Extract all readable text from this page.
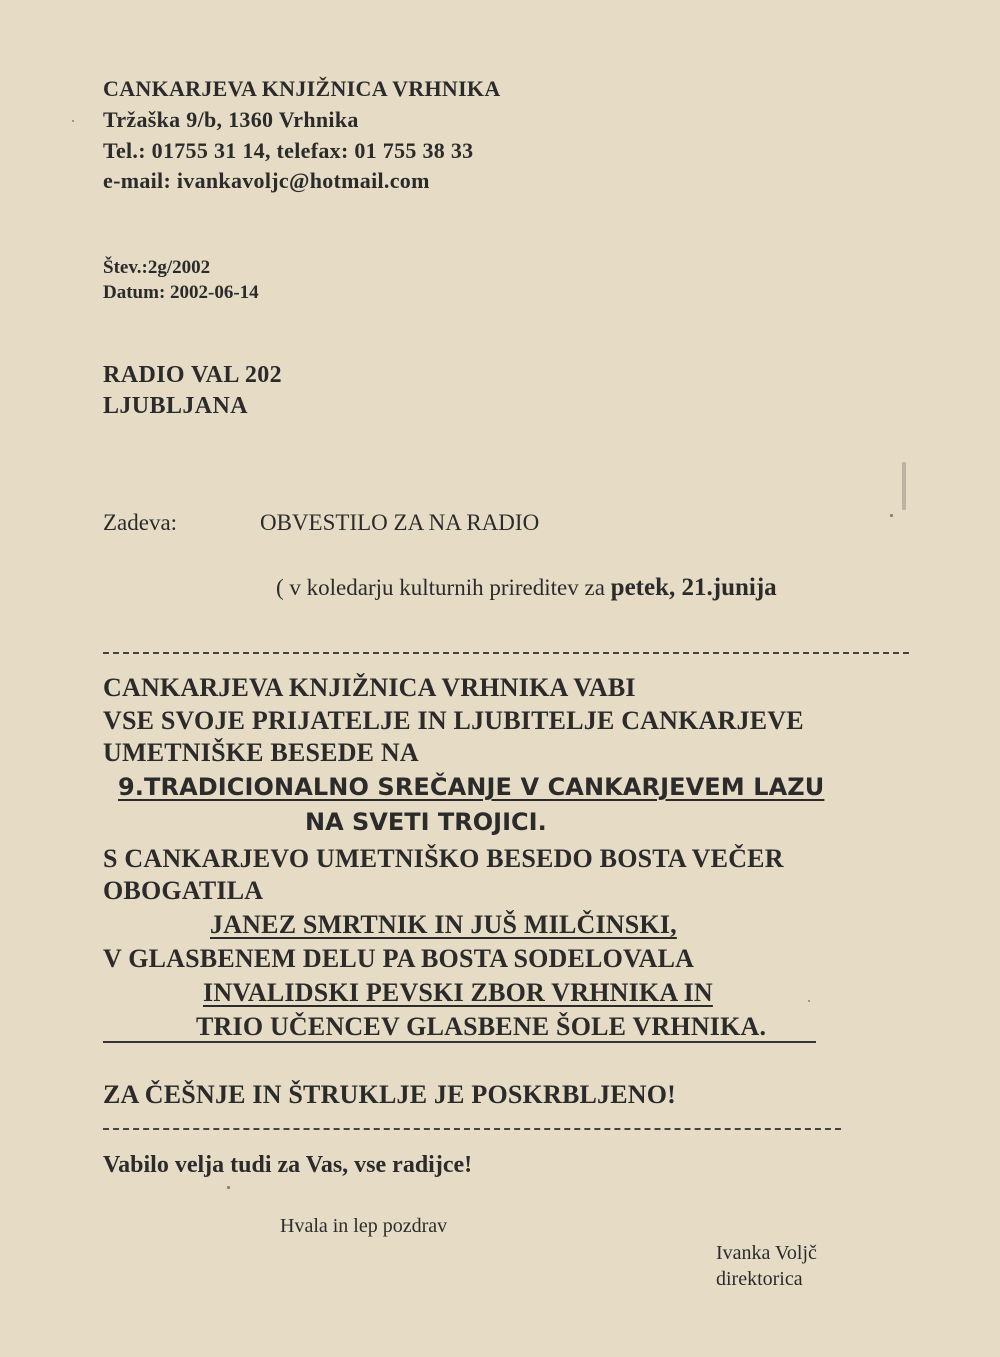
CANKARJEVA KNJIŽNICA VRHNIKA
Tržaška 9/b, 1360 Vrhnika
Tel.: 01755 31 14, telefax: 01 755 38 33
e-mail: ivankavoljc@hotmail.com
Štev.:2g/2002
Datum: 2002-06-14
RADIO VAL 202
LJUBLJANA
Zadeva:	OBVESTILO ZA NA RADIO
( v koledarju kulturnih prireditev za petek, 21.junija
CANKARJEVA KNJIŽNICA VRHNIKA VABI
VSE SVOJE PRIJATELJE IN LJUBITELJE CANKARJEVE
UMETNIŠKE BESEDE NA
9.TRADICIONALNO SREČANJE V CANKARJEVEM LAZU
NA SVETI TROJICI.
S CANKARJEVO UMETNIŠKO BESEDO BOSTA VEČER
OBOGATILA
JANEZ SMRTNIK IN JUŠ MILČINSKI,
V GLASBENEM DELU PA BOSTA SODELOVALA
INVALIDSKI PEVSKI ZBOR VRHNIKA IN
TRIO UČENCEV GLASBENE ŠOLE VRHNIKA.
ZA ČEŠNJE IN ŠTRUKLJE JE POSKRBLJENO!
Vabilo velja tudi za Vas, vse radijce!
Hvala in lep pozdrav
Ivanka Voljč
direktorica
